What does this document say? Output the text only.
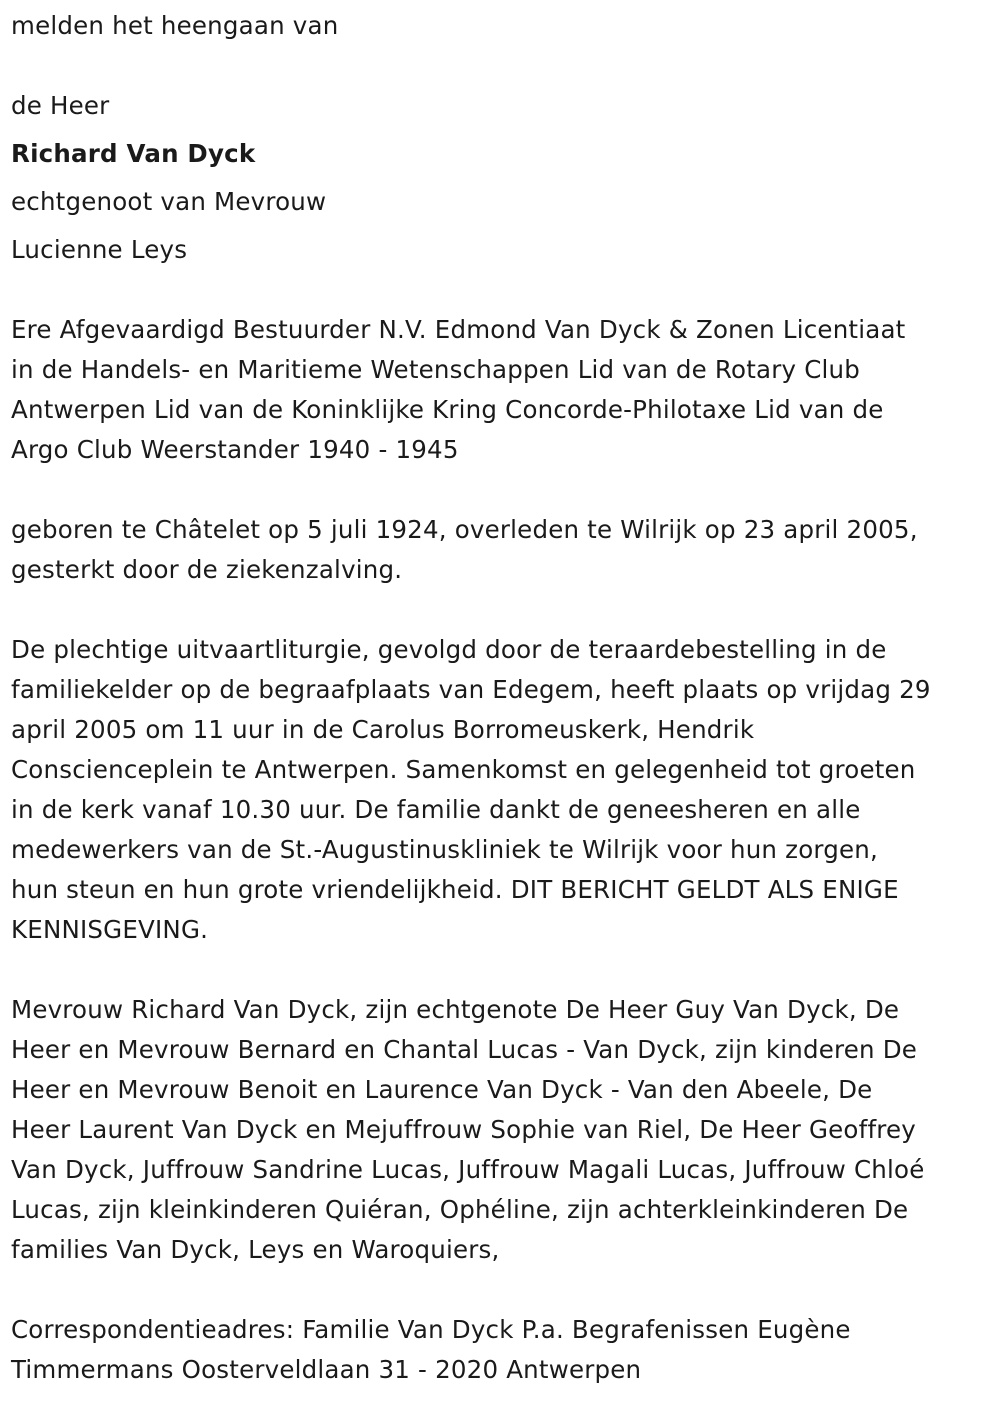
melden het heengaan van
de Heer
Richard Van Dyck
echtgenoot van Mevrouw
Lucienne Leys
Ere Afgevaardigd Bestuurder N.V. Edmond Van Dyck & Zonen Licentiaat
in de Handels- en Maritieme Wetenschappen Lid van de Rotary Club
Antwerpen Lid van de Koninklijke Kring Concorde-Philotaxe Lid van de
Argo Club Weerstander 1940 - 1945
geboren te Châtelet op 5 juli 1924, overleden te Wilrijk op 23 april 2005,
gesterkt door de ziekenzalving.
De plechtige uitvaartliturgie, gevolgd door de teraardebestelling in de
familiekelder op de begraafplaats van Edegem, heeft plaats op vrijdag 29
april 2005 om 11 uur in de Carolus Borromeuskerk, Hendrik
Conscienceplein te Antwerpen. Samenkomst en gelegenheid tot groeten
in de kerk vanaf 10.30 uur. De familie dankt de geneesheren en alle
medewerkers van de St.-Augustinuskliniek te Wilrijk voor hun zorgen,
hun steun en hun grote vriendelijkheid. DIT BERICHT GELDT ALS ENIGE
KENNISGEVING.
Mevrouw Richard Van Dyck, zijn echtgenote De Heer Guy Van Dyck, De
Heer en Mevrouw Bernard en Chantal Lucas - Van Dyck, zijn kinderen De
Heer en Mevrouw Benoit en Laurence Van Dyck - Van den Abeele, De
Heer Laurent Van Dyck en Mejuffrouw Sophie van Riel, De Heer Geoffrey
Van Dyck, Juffrouw Sandrine Lucas, Juffrouw Magali Lucas, Juffrouw Chloé
Lucas, zijn kleinkinderen Quiéran, Ophéline, zijn achterkleinkinderen De
families Van Dyck, Leys en Waroquiers,
Correspondentieadres: Familie Van Dyck P.a. Begrafenissen Eugène
Timmermans Oosterveldlaan 31 - 2020 Antwerpen
